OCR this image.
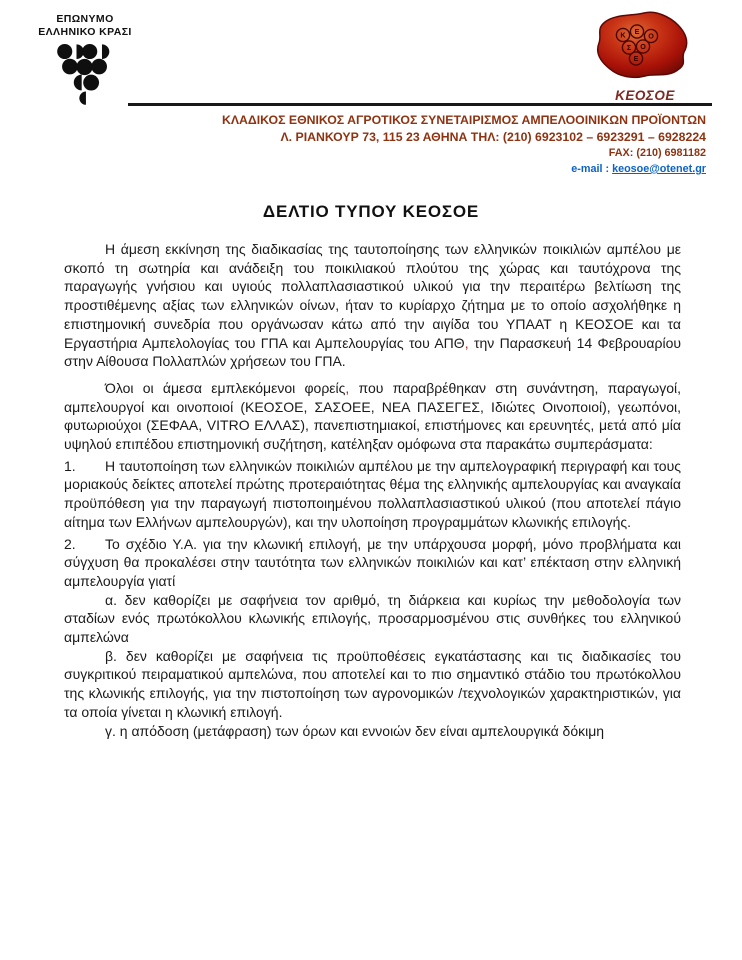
ΕΠΩΝΥΜΟ
ΕΛΛΗΝΙΚΟ ΚΡΑΣΙ	Κ Ε Ο
Σ Ο
Ε
ΚΕΟΣΟΕ
ΚΛΑΔΙΚΟΣ ΕΘΝΙΚΟΣ ΑΓΡΟΤΙΚΟΣ ΣΥΝΕΤΑΙΡΙΣΜΟΣ ΑΜΠΕΛΟΟΙΝΙΚΩΝ ΠΡΟΪΟΝΤΩΝ
Λ. ΡΙΑΝΚΟΥΡ 73, 115 23 ΑΘΗΝΑ ΤΗΛ: (210) 6923102 – 6923291 – 6928224
FAX: (210) 6981182
e-mail : keosoe@otenet.gr
ΔΕΛΤΙΟ ΤΥΠΟΥ ΚΕΟΣΟΕ

Η άμεση εκκίνηση της διαδικασίας της ταυτοποίησης των ελληνικών ποικιλιών αμπέλου με σκοπό τη σωτηρία και ανάδειξη του ποικιλιακού πλούτου της χώρας και ταυτόχρονα της παραγωγής γνήσιου και υγιούς πολλαπλασιαστικού υλικού για την περαιτέρω βελτίωση της προστιθέμενης αξίας των ελληνικών οίνων, ήταν το κυρίαρχο ζήτημα με το οποίο ασχολήθηκε η επιστημονική συνεδρία που οργάνωσαν κάτω από την αιγίδα του ΥΠΑΑΤ η ΚΕΟΣΟΕ και τα Εργαστήρια Αμπελολογίας του ΓΠΑ και Αμπελουργίας του ΑΠΘ, την Παρασκευή 14 Φεβρουαρίου στην Αίθουσα Πολλαπλών χρήσεων του ΓΠΑ.

Όλοι οι άμεσα εμπλεκόμενοι φορείς, που παραβρέθηκαν στη συνάντηση, παραγωγοί, αμπελουργοί και οινοποιοί (ΚΕΟΣΟΕ, ΣΑΣΟΕΕ, ΝΕΑ ΠΑΣΕΓΕΣ, Ιδιώτες Οινοποιοί), γεωπόνοι, φυτωριούχοι (ΣΕΦΑΑ, VITRO ΕΛΛΑΣ), πανεπιστημιακοί, επιστήμονες και ερευνητές, μετά από μία υψηλού επιπέδου επιστημονική συζήτηση, κατέληξαν ομόφωνα στα παρακάτω συμπεράσματα:

1. Η ταυτοποίηση των ελληνικών ποικιλιών αμπέλου με την αμπελογραφική περιγραφή και τους μοριακούς δείκτες αποτελεί πρώτης προτεραιότητας θέμα της ελληνικής αμπελουργίας και αναγκαία προϋπόθεση για την παραγωγή πιστοποιημένου πολλαπλασιαστικού υλικού (που αποτελεί πάγιο αίτημα των Ελλήνων αμπελουργών), και την υλοποίηση προγραμμάτων κλωνικής επιλογής.

2. Το σχέδιο Υ.Α. για την κλωνική επιλογή, με την υπάρχουσα μορφή, μόνο προβλήματα και σύγχυση θα προκαλέσει στην ταυτότητα των ελληνικών ποικιλιών και κατ’ επέκταση στην ελληνική αμπελουργία γιατί

α. δεν καθορίζει με σαφήνεια τον αριθμό, τη διάρκεια και κυρίως την μεθοδολογία των σταδίων ενός πρωτόκολλου κλωνικής επιλογής, προσαρμοσμένου στις συνθήκες του ελληνικού αμπελώνα

β. δεν καθορίζει με σαφήνεια τις προϋποθέσεις εγκατάστασης και τις διαδικασίες του συγκριτικού πειραματικού αμπελώνα, που αποτελεί και το πιο σημαντικό στάδιο του πρωτόκολλου της κλωνικής επιλογής, για την πιστοποίηση των αγρονομικών /τεχνολογικών χαρακτηριστικών, για τα οποία γίνεται η κλωνική επιλογή.

γ. η απόδοση (μετάφραση) των όρων και εννοιών δεν είναι αμπελουργικά δόκιμη
